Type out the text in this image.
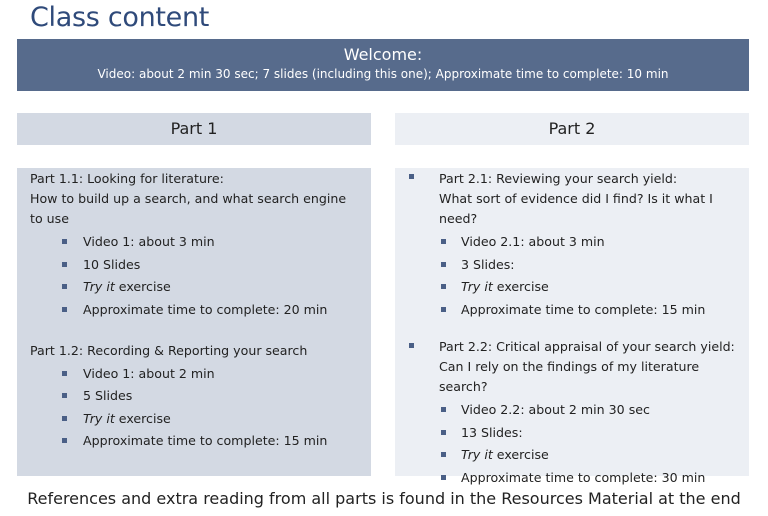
Class content
Welcome:
Video: about 2 min 30 sec; 7 slides (including this one); Approximate time to complete: 10 min
Part 1	Part 2
Part 1.1: Looking for literature:
How to build up a search, and what search engine to use
Video 1: about 3 min
10 Slides
Try it exercise
Approximate time to complete: 20 min
Part 1.2: Recording & Reporting your search
Video 1: about 2 min
5 Slides
Try it exercise
Approximate time to complete: 15 min
Part 2.1: Reviewing your search yield:
What sort of evidence did I find? Is it what I need?
Video 2.1: about 3 min
3 Slides:
Try it exercise
Approximate time to complete: 15 min
Part 2.2: Critical appraisal of your search yield:
Can I rely on the findings of my literature search?
Video 2.2: about 2 min 30 sec
13 Slides:
Try it exercise
Approximate time to complete: 30 min
References and extra reading from all parts is found in the Resources Material at the end
